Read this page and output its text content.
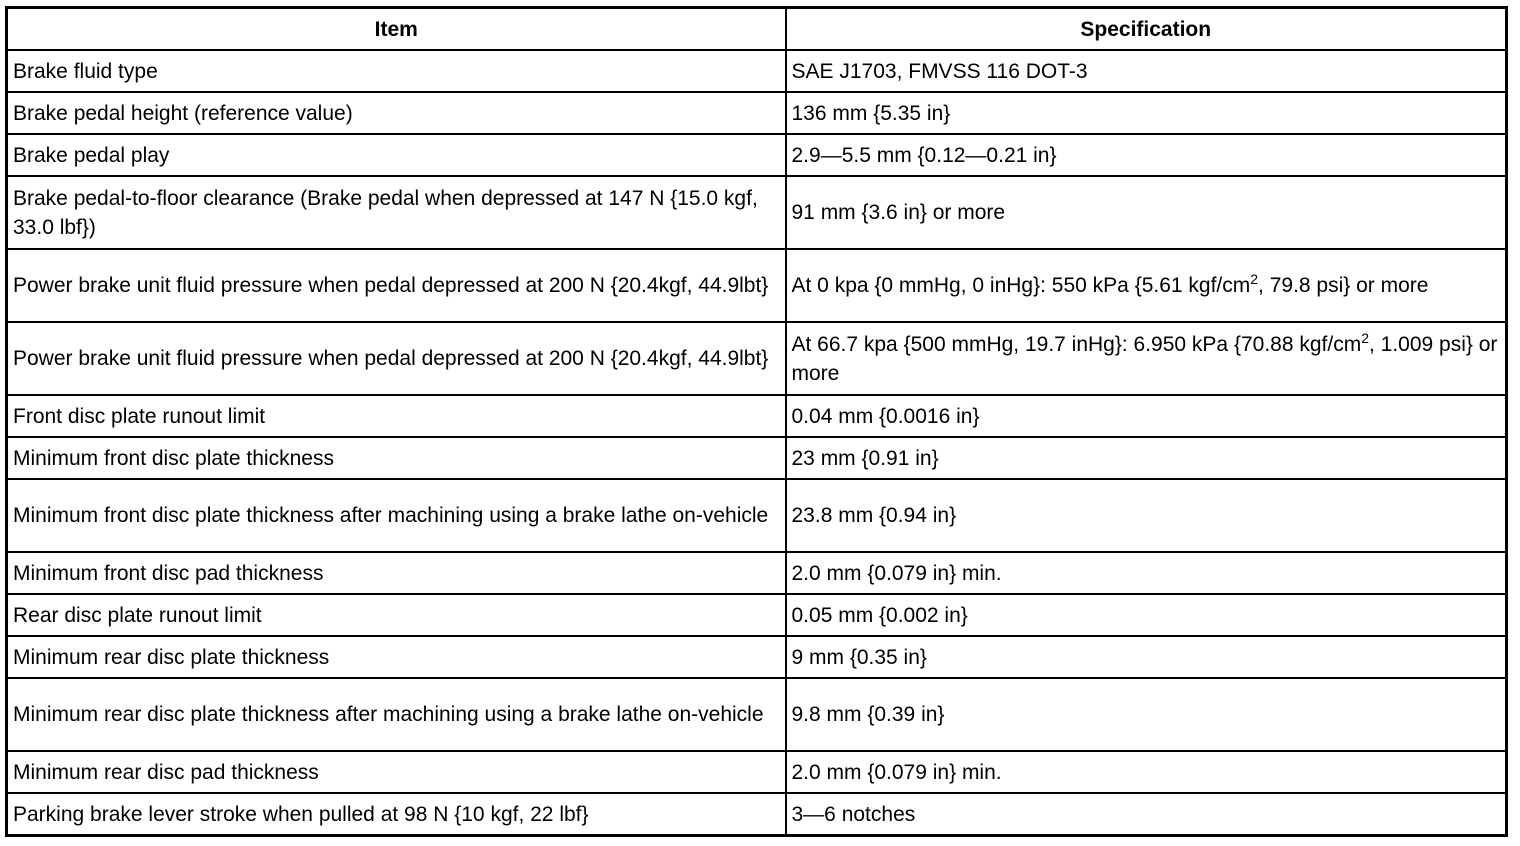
Item	Specification
Brake fluid type	SAE J1703, FMVSS 116 DOT-3
Brake pedal height (reference value)	136 mm {5.35 in}
Brake pedal play	2.9—5.5 mm {0.12—0.21 in}
Brake pedal-to-floor clearance (Brake pedal when depressed at 147 N {15.0 kgf, 33.0 lbf})	91 mm {3.6 in} or more
Power brake unit fluid pressure when pedal depressed at 200 N {20.4kgf, 44.9lbt}	At 0 kpa {0 mmHg, 0 inHg}: 550 kPa {5.61 kgf/$cm^2$, 79.8 psi} or more
Power brake unit fluid pressure when pedal depressed at 200 N {20.4kgf, 44.9lbt}	At 66.7 kpa {500 mmHg, 19.7 inHg}: 6.950 kPa {70.88 kgf/$cm^2$, 1.009 psi} or more
Front disc plate runout limit	0.04 mm {0.0016 in}
Minimum front disc plate thickness	23 mm {0.91 in}
Minimum front disc plate thickness after machining using a brake lathe on-vehicle	23.8 mm {0.94 in}
Minimum front disc pad thickness	2.0 mm {0.079 in} min.
Rear disc plate runout limit	0.05 mm {0.002 in}
Minimum rear disc plate thickness	9 mm {0.35 in}
Minimum rear disc plate thickness after machining using a brake lathe on-vehicle	9.8 mm {0.39 in}
Minimum rear disc pad thickness	2.0 mm {0.079 in} min.
Parking brake lever stroke when pulled at 98 N {10 kgf, 22 lbf}	3—6 notches
